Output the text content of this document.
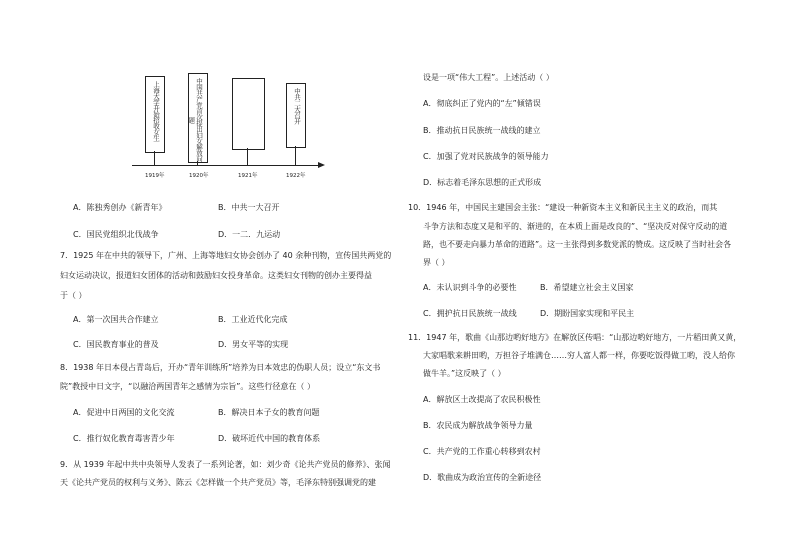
上海大学开始招收女生	中国共产党首次提出妇女解放问题	中共二大召开
1919年	1920年	1921年	1922年
A．陈独秀创办《新青年》	B．中共一大召开
C．国民党组织北伐战争	D．一二．九运动
7．1925 年在中共的领导下，广州、上海等地妇女协会创办了 40 余种刊物，宣传国共两党的
妇女运动决议，报道妇女团体的活动和鼓励妇女投身革命。这类妇女刊物的创办主要得益
于（ ）
A．第一次国共合作建立	B．工业近代化完成
C．国民教育事业的普及	D．男女平等的实现
8．1938 年日本侵占青岛后，开办“青年训练所”培养为日本效忠的伪职人员；设立“东文书
院”教授中日文字，“以融洽两国青年之感情为宗旨”。这些行径意在（ ）
A．促进中日两国的文化交流	B．解决日本子女的教育问题
C．推行奴化教育毒害青少年	D．破坏近代中国的教育体系
9．从 1939 年起中共中央领导人发表了一系列论著，如：刘少奇《论共产党员的修养》、张闻
天《论共产党员的权利与义务》、陈云《怎样做一个共产党员》等，毛泽东特别强调党的建
设是一项“伟大工程”。上述活动（ ）
A．彻底纠正了党内的“左”倾错误
B．推动抗日民族统一战线的建立
C．加强了党对民族战争的领导能力
D．标志着毛泽东思想的正式形成
10．1946 年，中国民主建国会主张：“建设一种新资本主义和新民主主义的政治，而其
斗争方法和态度又是和平的、渐进的，在本质上面是改良的”、“坚决反对保守反动的道
路，也不要走向暴力革命的道路”。这一主张得到多数党派的赞成。这反映了当时社会各
界（ ）
A．未认识到斗争的必要性	B．希望建立社会主义国家
C．拥护抗日民族统一战线	D．期盼国家实现和平民主
11．1947 年，歌曲《山那边哟好地方》在解放区传唱：“山那边哟好地方，一片稻田黄又黄，
大家唱歌来耕田哟，万担谷子堆满仓……穷人富人都一样，你要吃饭得做工哟，没人给你
做牛羊。”这反映了（ ）
A．解放区土改提高了农民积极性
B．农民成为解放战争领导力量
C．共产党的工作重心转移到农村
D．歌曲成为政治宣传的全新途径
